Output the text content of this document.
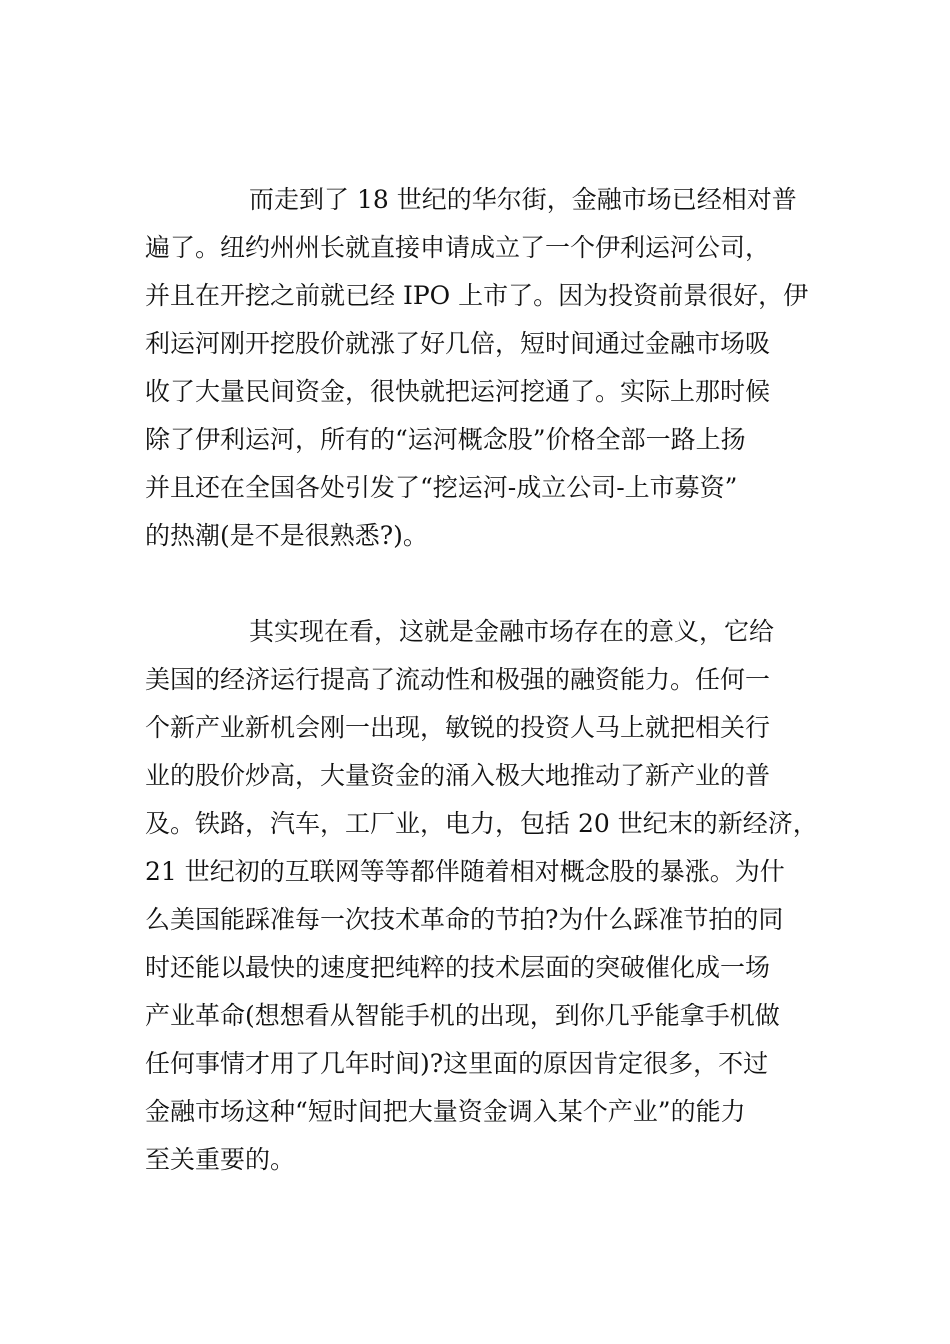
而走到了 18 世纪的华尔街，金融市场已经相对普
遍了。纽约州州长就直接申请成立了一个伊利运河公司，
并且在开挖之前就已经 IPO 上市了。因为投资前景很好，伊
利运河刚开挖股价就涨了好几倍，短时间通过金融市场吸
收了大量民间资金，很快就把运河挖通了。实际上那时候
除了伊利运河，所有的“运河概念股”价格全部一路上扬
并且还在全国各处引发了“挖运河-成立公司-上市募资”
的热潮(是不是很熟悉?)。
其实现在看，这就是金融市场存在的意义，它给
美国的经济运行提高了流动性和极强的融资能力。任何一
个新产业新机会刚一出现，敏锐的投资人马上就把相关行
业的股价炒高，大量资金的涌入极大地推动了新产业的普
及。铁路，汽车，工厂业，电力，包括 20 世纪末的新经济，
21 世纪初的互联网等等都伴随着相对概念股的暴涨。为什
么美国能踩准每一次技术革命的节拍?为什么踩准节拍的同
时还能以最快的速度把纯粹的技术层面的突破催化成一场
产业革命(想想看从智能手机的出现，到你几乎能拿手机做
任何事情才用了几年时间)?这里面的原因肯定很多，不过
金融市场这种“短时间把大量资金调入某个产业”的能力
至关重要的。
